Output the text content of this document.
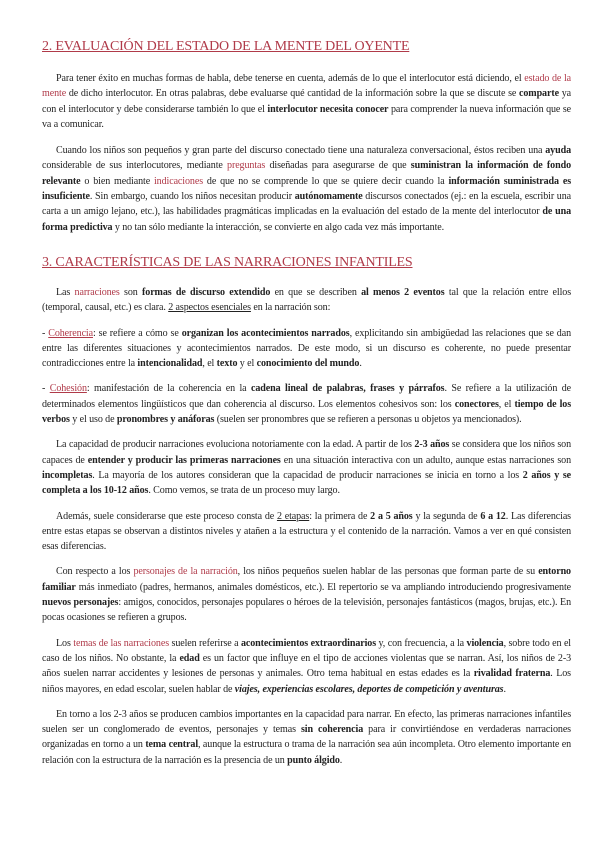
2. EVALUACIÓN DEL ESTADO DE LA MENTE DEL OYENTE

Para tener éxito en muchas formas de habla, debe tenerse en cuenta, además de lo que el interlocutor está diciendo, el estado de la mente de dicho interlocutor. En otras palabras, debe evaluarse qué cantidad de la información sobre la que se discute se comparte ya con el interlocutor y debe considerarse también lo que el interlocutor necesita conocer para comprender la nueva información que se va a comunicar.

Cuando los niños son pequeños y gran parte del discurso conectado tiene una naturaleza conversacional, éstos reciben una ayuda considerable de sus interlocutores, mediante preguntas diseñadas para asegurarse de que suministran la información de fondo relevante o bien mediante indicaciones de que no se comprende lo que se quiere decir cuando la información suministrada es insuficiente. Sin embargo, cuando los niños necesitan producir autónomamente discursos conectados (ej.: en la escuela, escribir una carta a un amigo lejano, etc.), las habilidades pragmáticas implicadas en la evaluación del estado de la mente del interlocutor de una forma predictiva y no tan sólo mediante la interacción, se convierte en algo cada vez más importante.

3. CARACTERÍSTICAS DE LAS NARRACIONES INFANTILES

Las narraciones son formas de discurso extendido en que se describen al menos 2 eventos tal que la relación entre ellos (temporal, causal, etc.) es clara. 2 aspectos esenciales en la narración son:

- Coherencia: se refiere a cómo se organizan los acontecimientos narrados, explicitando sin ambigüedad las relaciones que se dan entre las diferentes situaciones y acontecimientos narrados. De este modo, si un discurso es coherente, no puede presentar contradicciones entre la intencionalidad, el texto y el conocimiento del mundo.

- Cohesión: manifestación de la coherencia en la cadena lineal de palabras, frases y párrafos. Se refiere a la utilización de determinados elementos lingüísticos que dan coherencia al discurso. Los elementos cohesivos son: los conectores, el tiempo de los verbos y el uso de pronombres y anáforas (suelen ser pronombres que se refieren a personas u objetos ya mencionados).

La capacidad de producir narraciones evoluciona notoriamente con la edad. A partir de los 2-3 años se considera que los niños son capaces de entender y producir las primeras narraciones en una situación interactiva con un adulto, aunque estas narraciones son incompletas. La mayoría de los autores consideran que la capacidad de producir narraciones se inicia en torno a los 2 años y se completa a los 10-12 años. Como vemos, se trata de un proceso muy largo.

Además, suele considerarse que este proceso consta de 2 etapas: la primera de 2 a 5 años y la segunda de 6 a 12. Las diferencias entre estas etapas se observan a distintos niveles y atañen a la estructura y el contenido de la narración. Vamos a ver en qué consisten esas diferencias.

Con respecto a los personajes de la narración, los niños pequeños suelen hablar de las personas que forman parte de su entorno familiar más inmediato (padres, hermanos, animales domésticos, etc.). El repertorio se va ampliando introduciendo progresivamente nuevos personajes: amigos, conocidos, personajes populares o héroes de la televisión, personajes fantásticos (magos, brujas, etc.). En pocas ocasiones se refieren a grupos.

Los temas de las narraciones suelen referirse a acontecimientos extraordinarios y, con frecuencia, a la violencia, sobre todo en el caso de los niños. No obstante, la edad es un factor que influye en el tipo de acciones violentas que se narran. Así, los niños de 2-3 años suelen narrar accidentes y lesiones de personas y animales. Otro tema habitual en estas edades es la rivalidad fraterna. Los niños mayores, en edad escolar, suelen hablar de viajes, experiencias escolares, deportes de competición y aventuras.

En torno a los 2-3 años se producen cambios importantes en la capacidad para narrar. En efecto, las primeras narraciones infantiles suelen ser un conglomerado de eventos, personajes y temas sin coherencia para ir convirtiéndose en verdaderas narraciones organizadas en torno a un tema central, aunque la estructura o trama de la narración sea aún incompleta. Otro elemento importante en relación con la estructura de la narración es la presencia de un punto álgido.
